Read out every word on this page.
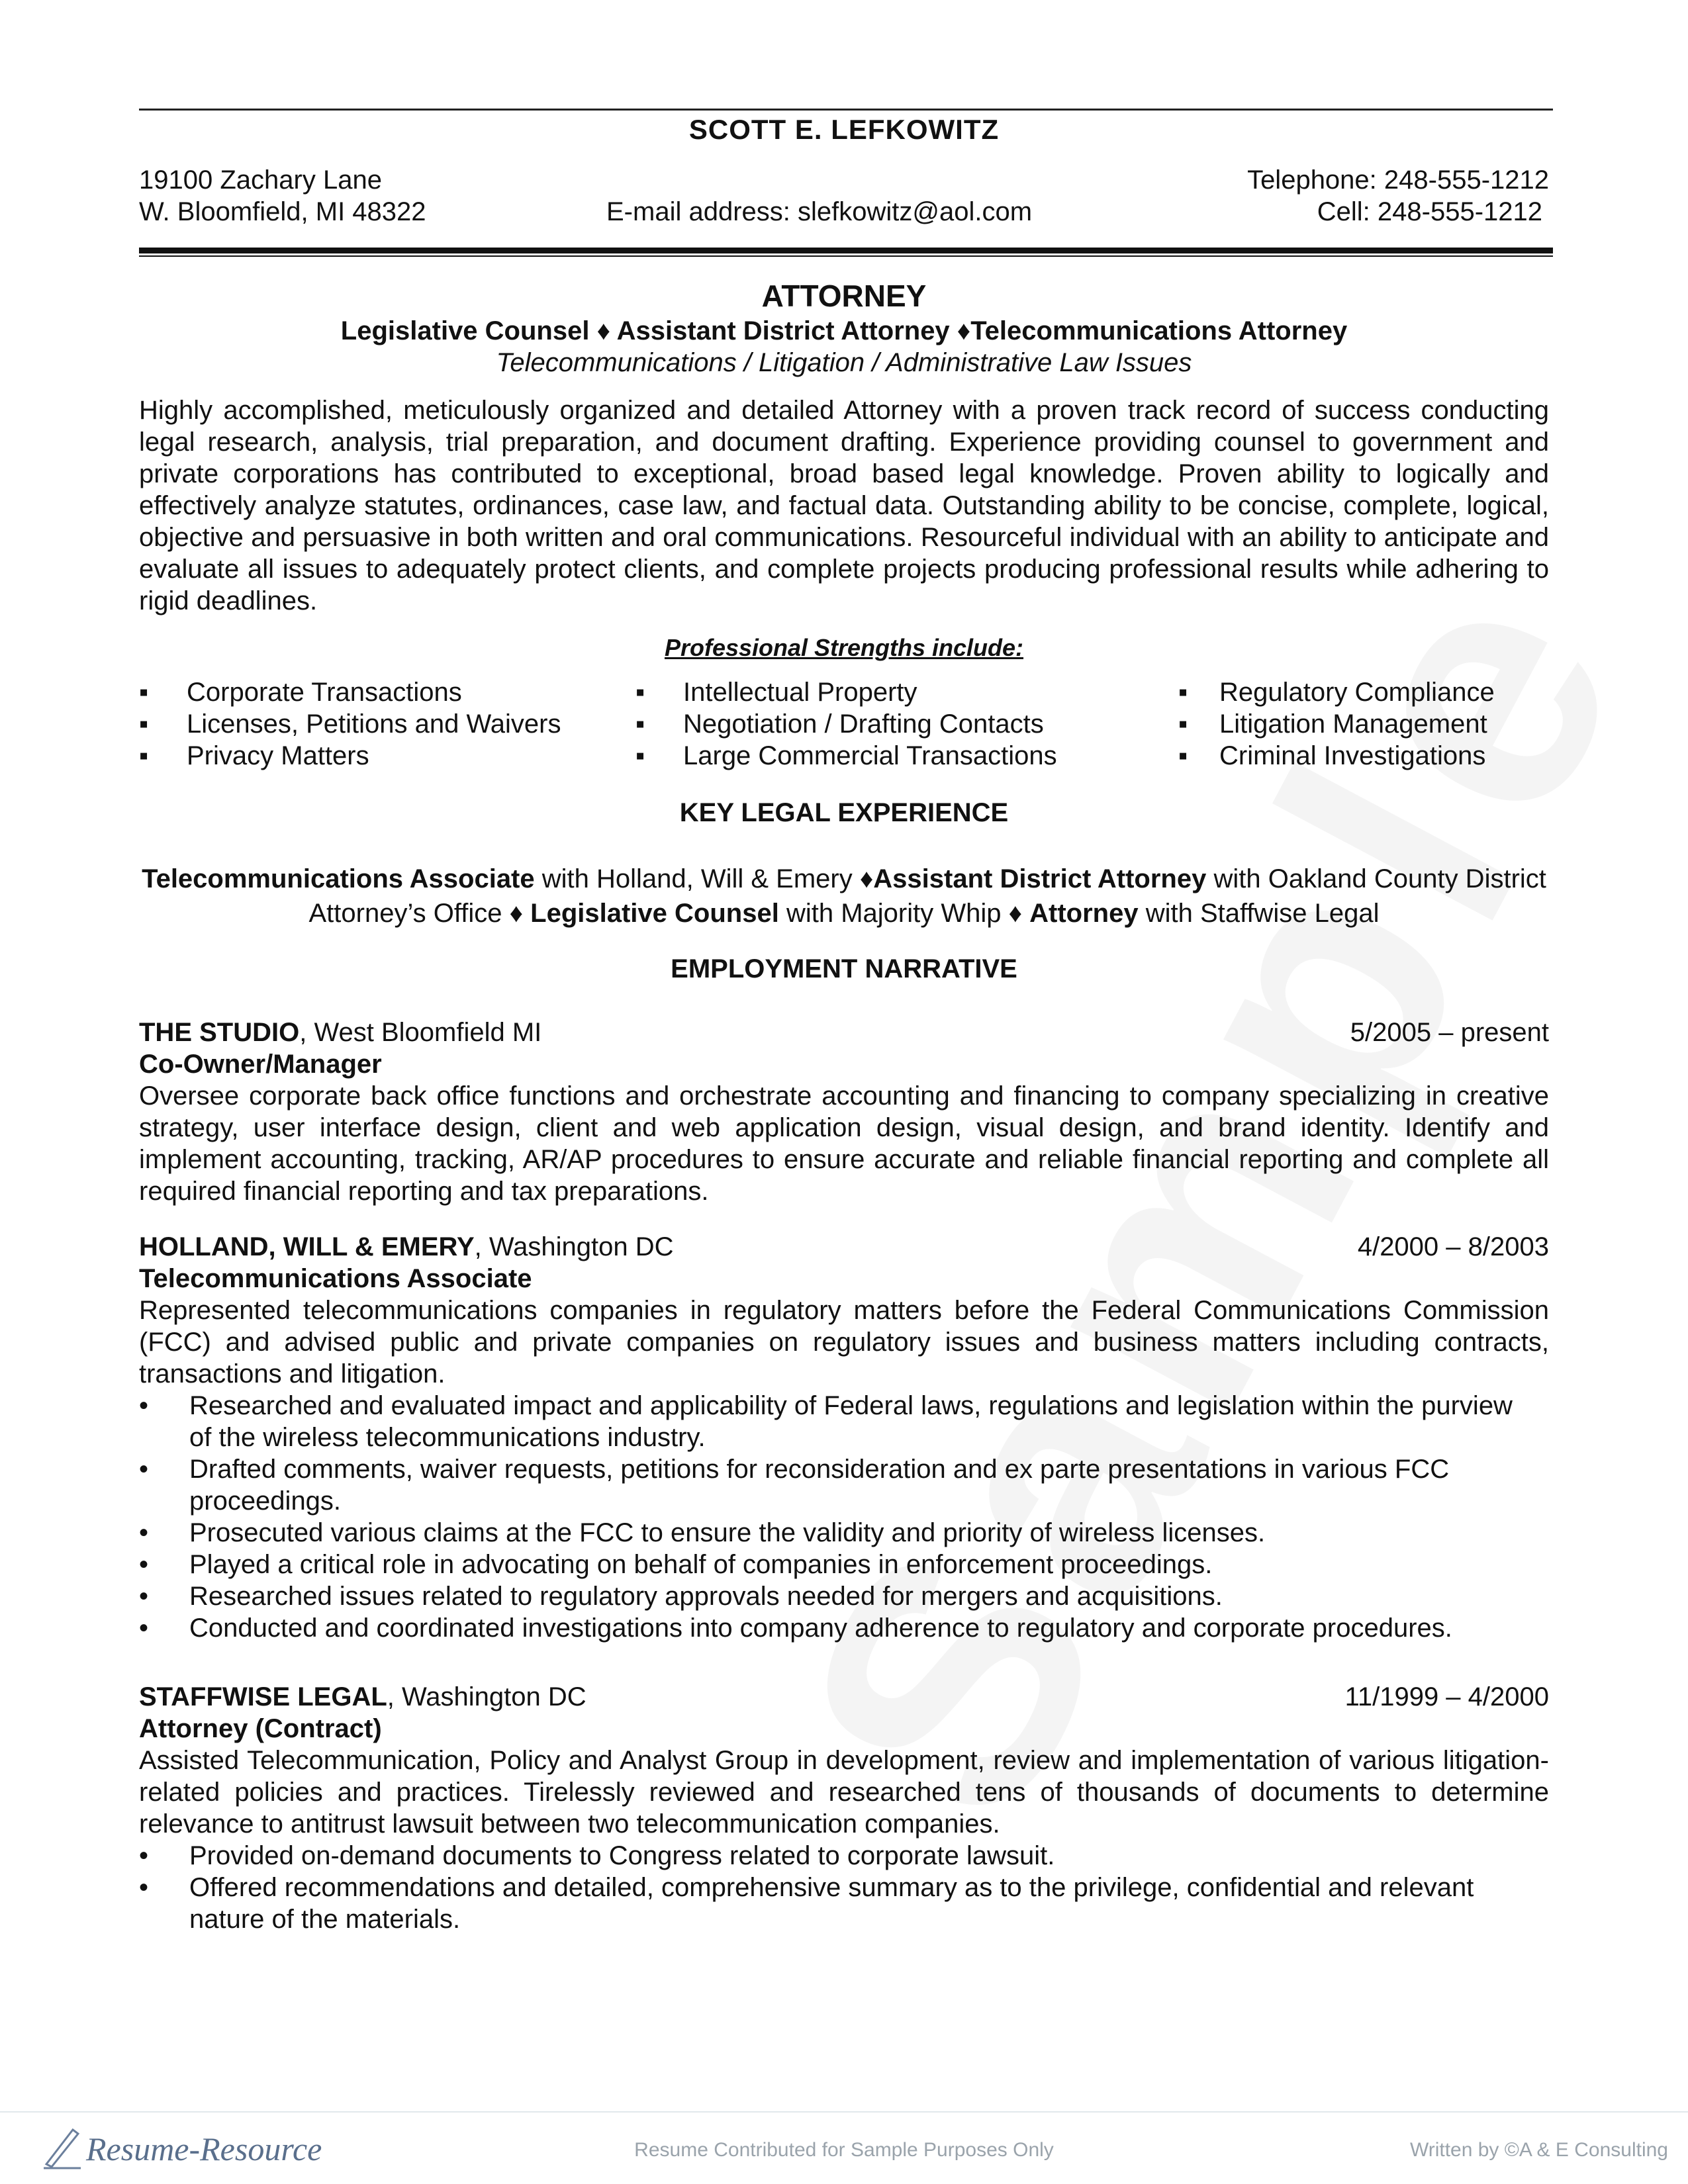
SCOTT E. LEFKOWITZ
19100 Zachary Lane
W. Bloomfield, MI 48322	E-mail address: slefkowitz@aol.com
Telephone: 248-555-1212
Cell: 248-555-1212
ATTORNEY
Legislative Counsel ♦ Assistant District Attorney ♦Telecommunications Attorney
Telecommunications / Litigation / Administrative Law Issues
Highly accomplished, meticulously organized and detailed Attorney with a proven track record of success conducting legal research, analysis, trial preparation, and document drafting. Experience providing counsel to government and private corporations has contributed to exceptional, broad based legal knowledge. Proven ability to logically and effectively analyze statutes, ordinances, case law, and factual data. Outstanding ability to be concise, complete, logical, objective and persuasive in both written and oral communications. Resourceful individual with an ability to anticipate and evaluate all issues to adequately protect clients, and complete projects producing professional results while adhering to rigid deadlines.
Professional Strengths include:
▪ Corporate Transactions
▪ Licenses, Petitions and Waivers
▪ Privacy Matters
▪ Intellectual Property
▪ Negotiation / Drafting Contacts
▪ Large Commercial Transactions
▪ Regulatory Compliance
▪ Litigation Management
▪ Criminal Investigations
KEY LEGAL EXPERIENCE
Telecommunications Associate with Holland, Will & Emery ♦Assistant District Attorney with Oakland County District Attorney’s Office ♦ Legislative Counsel with Majority Whip ♦ Attorney with Staffwise Legal
EMPLOYMENT NARRATIVE
THE STUDIO, West Bloomfield MI	5/2005 – present
Co-Owner/Manager
Oversee corporate back office functions and orchestrate accounting and financing to company specializing in creative strategy, user interface design, client and web application design, visual design, and brand identity. Identify and implement accounting, tracking, AR/AP procedures to ensure accurate and reliable financial reporting and complete all required financial reporting and tax preparations.
HOLLAND, WILL & EMERY, Washington DC	4/2000 – 8/2003
Telecommunications Associate
Represented telecommunications companies in regulatory matters before the Federal Communications Commission (FCC) and advised public and private companies on regulatory issues and business matters including contracts, transactions and litigation.
• Researched and evaluated impact and applicability of Federal laws, regulations and legislation within the purview of the wireless telecommunications industry.
• Drafted comments, waiver requests, petitions for reconsideration and ex parte presentations in various FCC proceedings.
• Prosecuted various claims at the FCC to ensure the validity and priority of wireless licenses.
• Played a critical role in advocating on behalf of companies in enforcement proceedings.
• Researched issues related to regulatory approvals needed for mergers and acquisitions.
• Conducted and coordinated investigations into company adherence to regulatory and corporate procedures.
STAFFWISE LEGAL, Washington DC	11/1999 – 4/2000
Attorney (Contract)
Assisted Telecommunication, Policy and Analyst Group in development, review and implementation of various litigation-related policies and practices. Tirelessly reviewed and researched tens of thousands of documents to determine relevance to antitrust lawsuit between two telecommunication companies.
• Provided on-demand documents to Congress related to corporate lawsuit.
• Offered recommendations and detailed, comprehensive summary as to the privilege, confidential and relevant nature of the materials.
Resume-Resource	Resume Contributed for Sample Purposes Only	Written by ©A & E Consulting
